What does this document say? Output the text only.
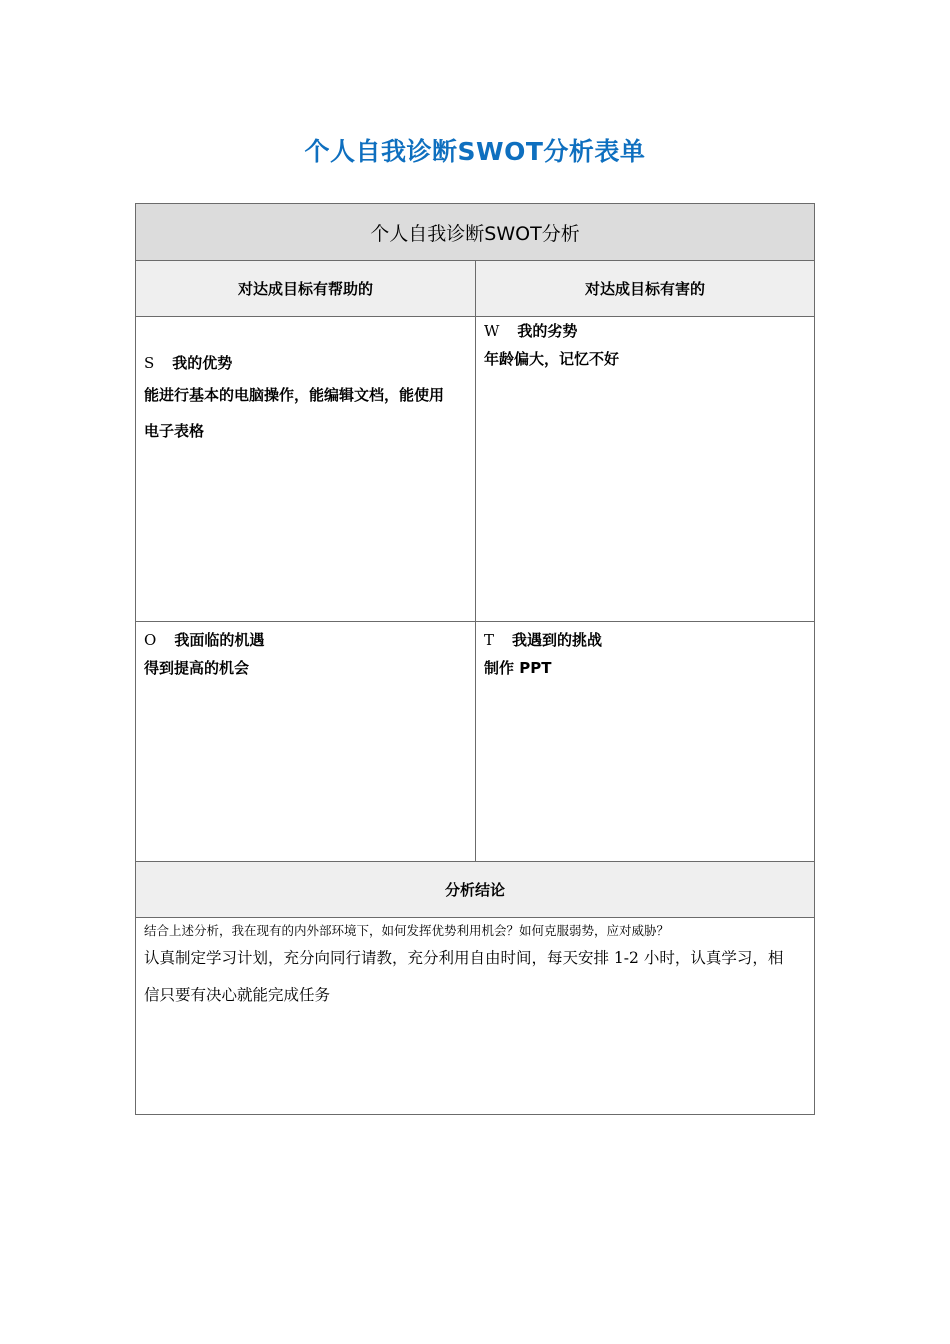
个人自我诊断SWOT分析表单
个人自我诊断SWOT分析
对达成目标有帮助的	对达成目标有害的
S 我的优势
能进行基本的电脑操作，能编辑文档，能使用
电子表格
W 我的劣势
年龄偏大，记忆不好
O 我面临的机遇
得到提高的机会
T 我遇到的挑战
制作 PPT
分析结论
结合上述分析，我在现有的内外部环境下，如何发挥优势利用机会？如何克服弱势，应对威胁？
认真制定学习计划，充分向同行请教，充分利用自由时间，每天安排 1-2 小时，认真学习，相
信只要有决心就能完成任务
